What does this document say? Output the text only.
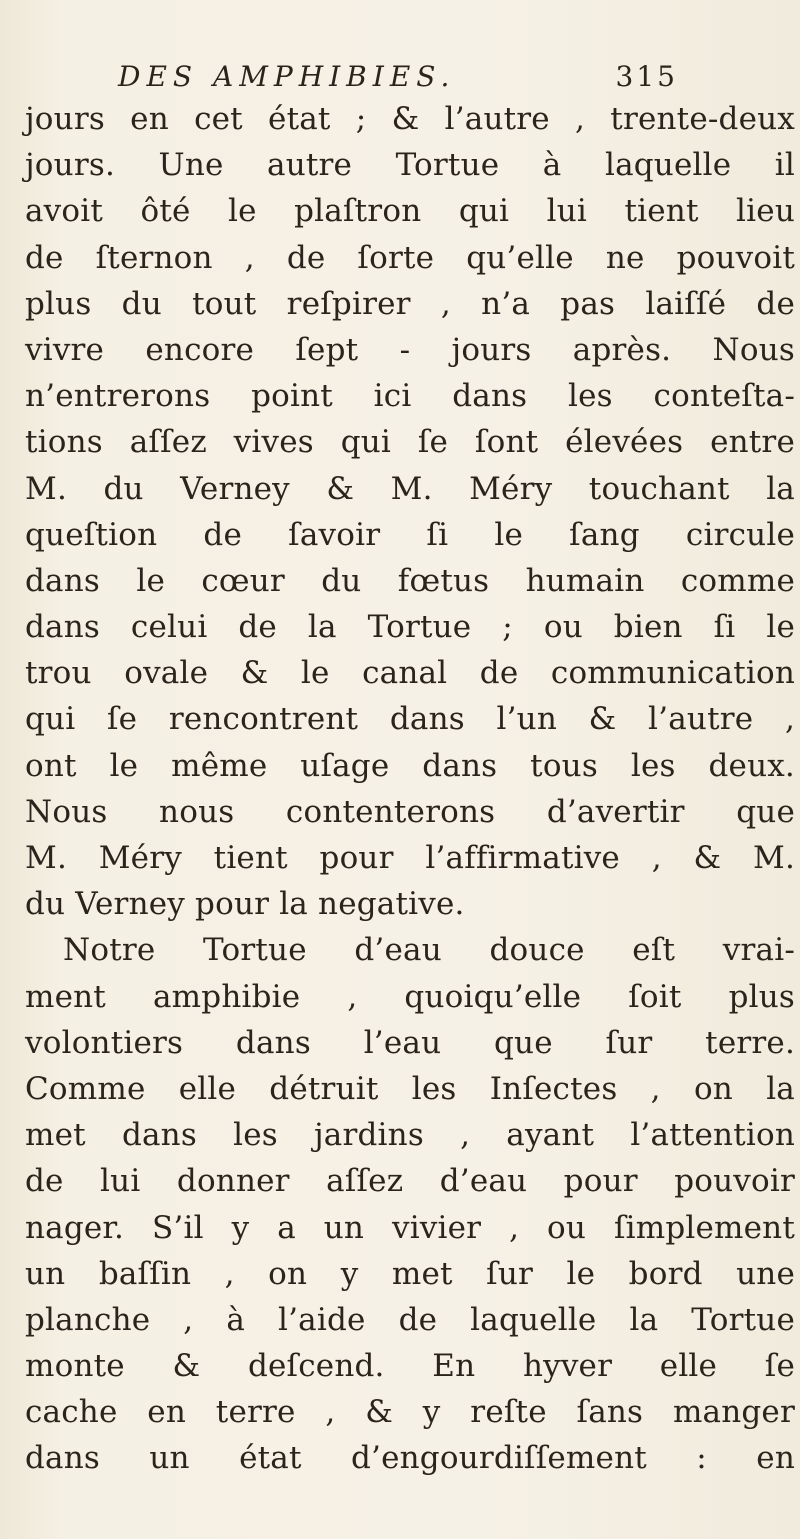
DES AMPHIBIES.	315
jours en cet état ; & l’autre , trente-deux
jours. Une autre Tortue à laquelle il
avoit ôté le plaſtron qui lui tient lieu
de ſternon , de ſorte qu’elle ne pouvoit
plus du tout reſpirer , n’a pas laiſſé de
vivre encore ſept - jours après. Nous
n’entrerons point ici dans les conteſta-
tions aſſez vives qui ſe ſont élevées entre
M. du Verney & M. Méry touchant la
queſtion de ſavoir ſi le ſang circule
dans le cœur du fœtus humain comme
dans celui de la Tortue ; ou bien ſi le
trou ovale & le canal de communication
qui ſe rencontrent dans l’un & l’autre ,
ont le même uſage dans tous les deux.
Nous nous contenterons d’avertir que
M. Méry tient pour l’affirmative , & M.
du Verney pour la negative.
Notre Tortue d’eau douce eſt vrai-
ment amphibie , quoiqu’elle ſoit plus
volontiers dans l’eau que ſur terre.
Comme elle détruit les Inſectes , on la
met dans les jardins , ayant l’attention
de lui donner aſſez d’eau pour pouvoir
nager. S’il y a un vivier , ou ſimplement
un baſſin , on y met ſur le bord une
planche , à l’aide de laquelle la Tortue
monte & deſcend. En hyver elle ſe
cache en terre , & y reſte ſans manger
dans un état d’engourdiſſement : en
